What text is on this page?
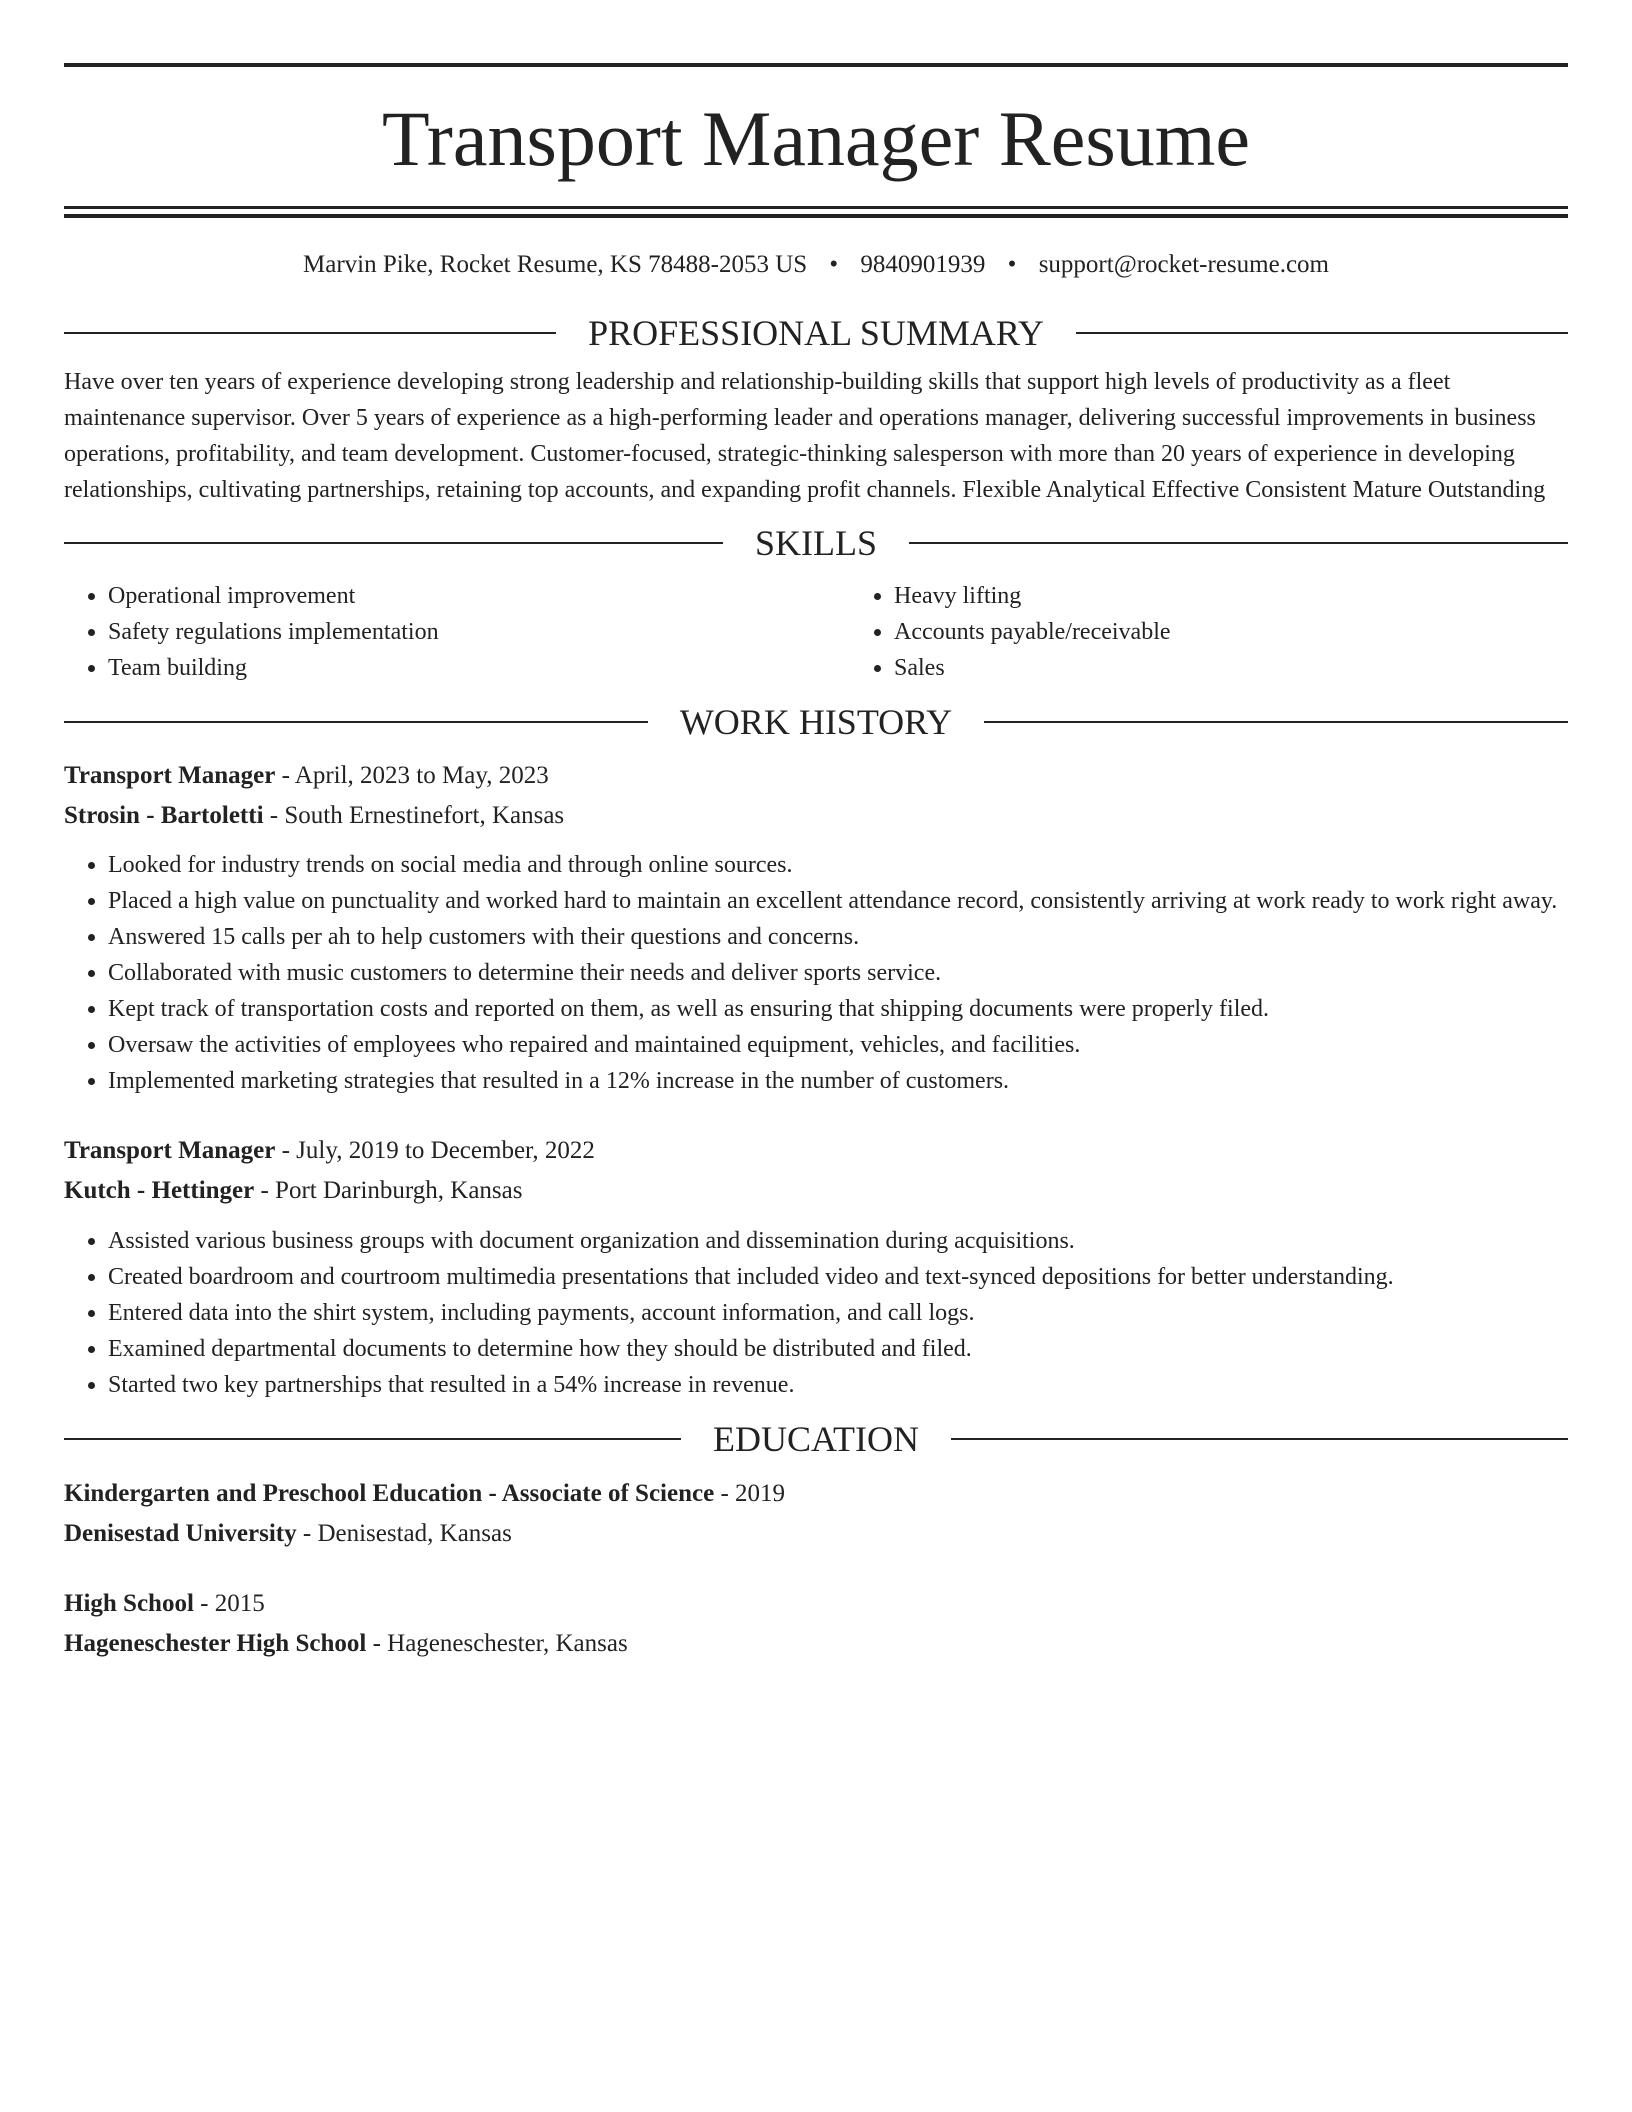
Transport Manager Resume
Marvin Pike, Rocket Resume, KS 78488-2053 US • 9840901939 • support@rocket-resume.com
PROFESSIONAL SUMMARY

Have over ten years of experience developing strong leadership and relationship-building skills that support high levels of productivity as a fleet maintenance supervisor. Over 5 years of experience as a high-performing leader and operations manager, delivering successful improvements in business operations, profitability, and team development. Customer-focused, strategic-thinking salesperson with more than 20 years of experience in developing relationships, cultivating partnerships, retaining top accounts, and expanding profit channels. Flexible Analytical Effective Consistent Mature Outstanding

SKILLS
• Operational improvement
• Safety regulations implementation
• Team building
• Heavy lifting
• Accounts payable/receivable
• Sales
WORK HISTORY

Transport Manager - April, 2023 to May, 2023

Strosin - Bartoletti - South Ernestinefort, Kansas

• Looked for industry trends on social media and through online sources.
• Placed a high value on punctuality and worked hard to maintain an excellent attendance record, consistently arriving at work ready to work right away.
• Answered 15 calls per ah to help customers with their questions and concerns.
• Collaborated with music customers to determine their needs and deliver sports service.
• Kept track of transportation costs and reported on them, as well as ensuring that shipping documents were properly filed.
• Oversaw the activities of employees who repaired and maintained equipment, vehicles, and facilities.
• Implemented marketing strategies that resulted in a 12% increase in the number of customers.

Transport Manager - July, 2019 to December, 2022

Kutch - Hettinger - Port Darinburgh, Kansas

• Assisted various business groups with document organization and dissemination during acquisitions.
• Created boardroom and courtroom multimedia presentations that included video and text-synced depositions for better understanding.
• Entered data into the shirt system, including payments, account information, and call logs.
• Examined departmental documents to determine how they should be distributed and filed.
• Started two key partnerships that resulted in a 54% increase in revenue.
EDUCATION

Kindergarten and Preschool Education - Associate of Science - 2019

Denisestad University - Denisestad, Kansas

High School - 2015

Hageneschester High School - Hageneschester, Kansas
